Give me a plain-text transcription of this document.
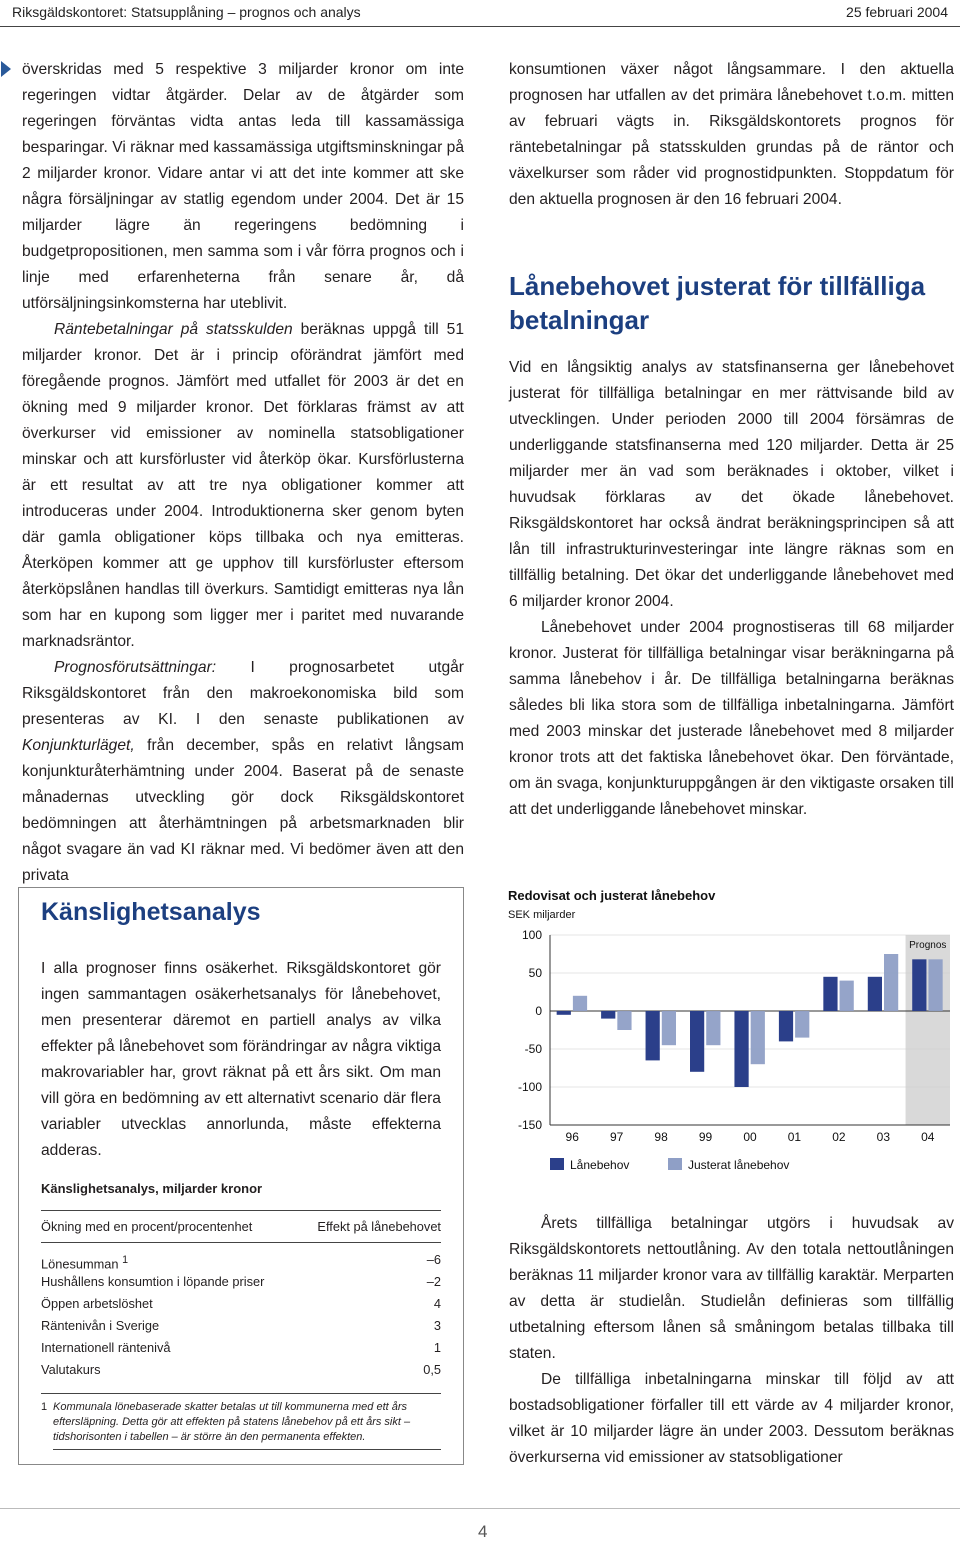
Riksgäldskontoret: Statsupplåning – prognos och analys	25 februari 2004

överskridas med 5 respektive 3 miljarder kronor om inte regeringen vidtar åtgärder. Delar av de åtgärder som regeringen förväntas vidta antas leda till kassamässiga besparingar. Vi räknar med kassamässiga utgiftsminskningar på 2 miljarder kronor. Vidare antar vi att det inte kommer att ske några försäljningar av statlig egendom under 2004. Det är 15 miljarder lägre än regeringens bedömning i budgetpropositionen, men samma som i vår förra prognos och i linje med erfarenheterna från senare år, då utförsäljningsinkomsterna har uteblivit.

Räntebetalningar på statsskulden beräknas uppgå till 51 miljarder kronor. Det är i princip oförändrat jämfört med föregående prognos. Jämfört med utfallet för 2003 är det en ökning med 9 miljarder kronor. Det förklaras främst av att överkurser vid emissioner av nominella statsobligationer minskar och att kursförluster vid återköp ökar. Kursförlusterna är ett resultat av att tre nya obligationer kommer att introduceras under 2004. Introduktionerna sker genom byten där gamla obligationer köps tillbaka och nya emitteras. Återköpen kommer att ge upphov till kursförluster eftersom återköpslånen handlas till överkurs. Samtidigt emitteras nya lån som har en kupong som ligger mer i paritet med nuvarande marknadsräntor.

Prognosförutsättningar: I prognosarbetet utgår Riksgäldskontoret från den makroekonomiska bild som presenteras av KI. I den senaste publikationen av Konjunkturläget, från december, spås en relativt långsam konjunkturåterhämtning under 2004. Baserat på de senaste månadernas utveckling gör dock Riksgäldskontoret bedömningen att återhämtningen på arbetsmarknaden blir något svagare än vad KI räknar med. Vi bedömer även att den privata

konsumtionen växer något långsammare. I den aktuella prognosen har utfallen av det primära lånebehovet t.o.m. mitten av februari vägts in. Riksgäldskontorets prognos för räntebetalningar på statsskulden grundas på de räntor och växelkurser som råder vid prognostidpunkten. Stoppdatum för den aktuella prognosen är den 16 februari 2004.

Lånebehovet justerat för tillfälliga betalningar

Vid en långsiktig analys av statsfinanserna ger lånebehovet justerat för tillfälliga betalningar en mer rättvisande bild av utvecklingen. Under perioden 2000 till 2004 försämras de underliggande statsfinanserna med 120 miljarder. Detta är 25 miljarder mer än vad som beräknades i oktober, vilket i huvudsak förklaras av det ökade lånebehovet. Riksgäldskontoret har också ändrat beräkningsprincipen så att lån till infrastrukturinvesteringar inte längre räknas som en tillfällig betalning. Det ökar det underliggande lånebehovet med 6 miljarder kronor 2004.

Lånebehovet under 2004 prognostiseras till 68 miljarder kronor. Justerat för tillfälliga betalningar visar beräkningarna på samma lånebehov i år. De tillfälliga betalningarna beräknas således bli lika stora som de tillfälliga inbetalningarna. Jämfört med 2003 minskar det justerade lånebehovet med 8 miljarder kronor trots att det faktiska lånebehovet ökar. Den förväntade, om än svaga, konjunkturuppgången är den viktigaste orsaken till att det underliggande lånebehovet minskar.

Känslighetsanalys

I alla prognoser finns osäkerhet. Riksgäldskontoret gör ingen sammantagen osäkerhetsanalys för lånebehovet, men presenterar däremot en partiell analys av vilka effekter på lånebehovet som förändringar av några viktiga makrovariabler har, grovt räknat på ett års sikt. Om man vill göra en bedömning av ett alternativt scenario där flera variabler utvecklas annorlunda, måste effekterna adderas.

Känslighetsanalys, miljarder kronor
Ökning med en procent/procentenhet	Effekt på lånebehovet
Lönesumman $^1$	–6
Hushållens konsumtion i löpande priser	–2
Öppen arbetslöshet	4
Räntenivån i Sverige	3
Internationell räntenivå	1
Valutakurs	0,5
1 Kommunala lönebaserade skatter betalas ut till kommunerna med ett års eftersläpning. Detta gör att effekten på statens lånebehov på ett års sikt – tidshorisonten i tabellen – är större än den permanenta effekten.
Redovisat och justerat lånebehov
SEK miljarder
Prognos
100
50
0
-50
-100
-150
96	97	98	99	00	01	02	03	04
Lånebehov	Justerat lånebehov

Årets tillfälliga betalningar utgörs i huvudsak av Riksgäldskontorets nettoutlåning. Av den totala nettoutlåningen beräknas 11 miljarder kronor vara av tillfällig karaktär. Merparten av detta är studielån. Studielån definieras som tillfällig utbetalning eftersom lånen så småningom betalas tillbaka till staten.

De tillfälliga inbetalningarna minskar till följd av att bostadsobligationer förfaller till ett värde av 4 miljarder kronor, vilket är 10 miljarder lägre än under 2003. Dessutom beräknas överkurserna vid emissioner av statsobligationer

4
